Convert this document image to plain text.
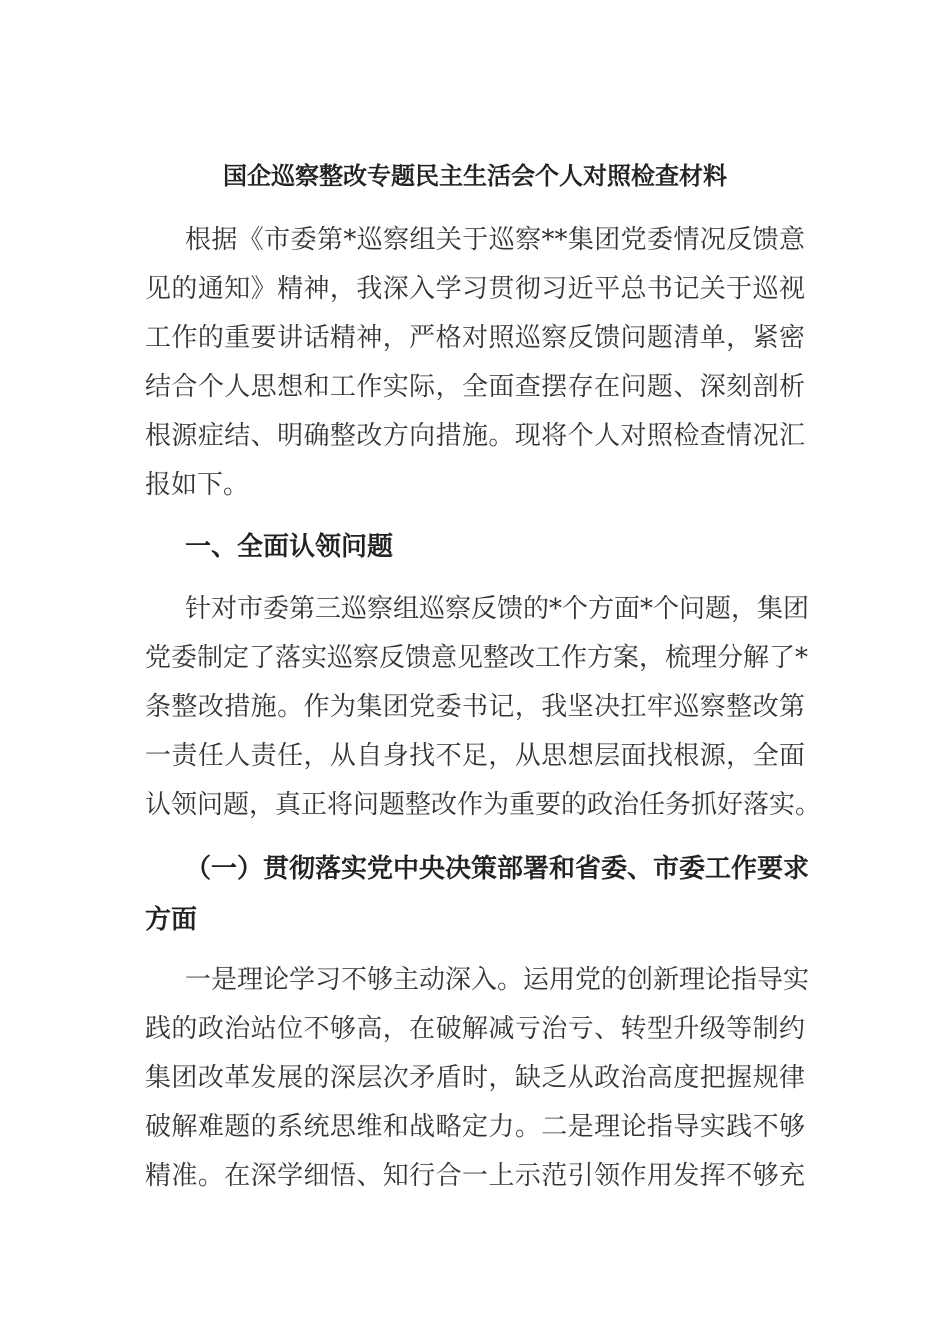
国企巡察整改专题民主生活会个人对照检查材料
根据《市委第*巡察组关于巡察**集团党委情况反馈意
见的通知》精神，我深入学习贯彻习近平总书记关于巡视
工作的重要讲话精神，严格对照巡察反馈问题清单，紧密
结合个人思想和工作实际，全面查摆存在问题、深刻剖析
根源症结、明确整改方向措施。现将个人对照检查情况汇
报如下。
一、全面认领问题
针对市委第三巡察组巡察反馈的*个方面*个问题，集团
党委制定了落实巡察反馈意见整改工作方案，梳理分解了*
条整改措施。作为集团党委书记，我坚决扛牢巡察整改第
一责任人责任，从自身找不足，从思想层面找根源，全面
认领问题，真正将问题整改作为重要的政治任务抓好落实。
（一）贯彻落实党中央决策部署和省委、市委工作要求
方面
一是理论学习不够主动深入。运用党的创新理论指导实
践的政治站位不够高，在破解减亏治亏、转型升级等制约
集团改革发展的深层次矛盾时，缺乏从政治高度把握规律
破解难题的系统思维和战略定力。二是理论指导实践不够
精准。在深学细悟、知行合一上示范引领作用发挥不够充
